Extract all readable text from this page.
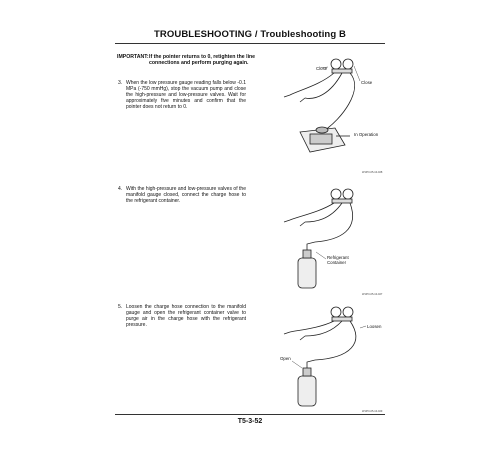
TROUBLESHOOTING / Troubleshooting B
IMPORTANT: If the pointer returns to 0, retighten the line connections and perform purging again.
3. When the low pressure gauge reading falls below -0.1 MPa (-750 mmHg), stop the vacuum pump and close the high-pressure and low-pressure valves. Wait for approximately five minutes and confirm that the pointer does not return to 0.
4. With the high-pressure and low-pressure valves of the manifold gauge closed, connect the charge hose to the refrigerant container.
5. Loosen the charge hose connection to the manifold gauge and open the refrigerant container valve to purge air in the charge hose with the refrigerant pressure.
Close
Close
In Operation
W1PO-05-10-028
Refrigerant
Container
W1PO-05-10-027
Loosen
Open
W1PO-05-10-029
T5-3-52
